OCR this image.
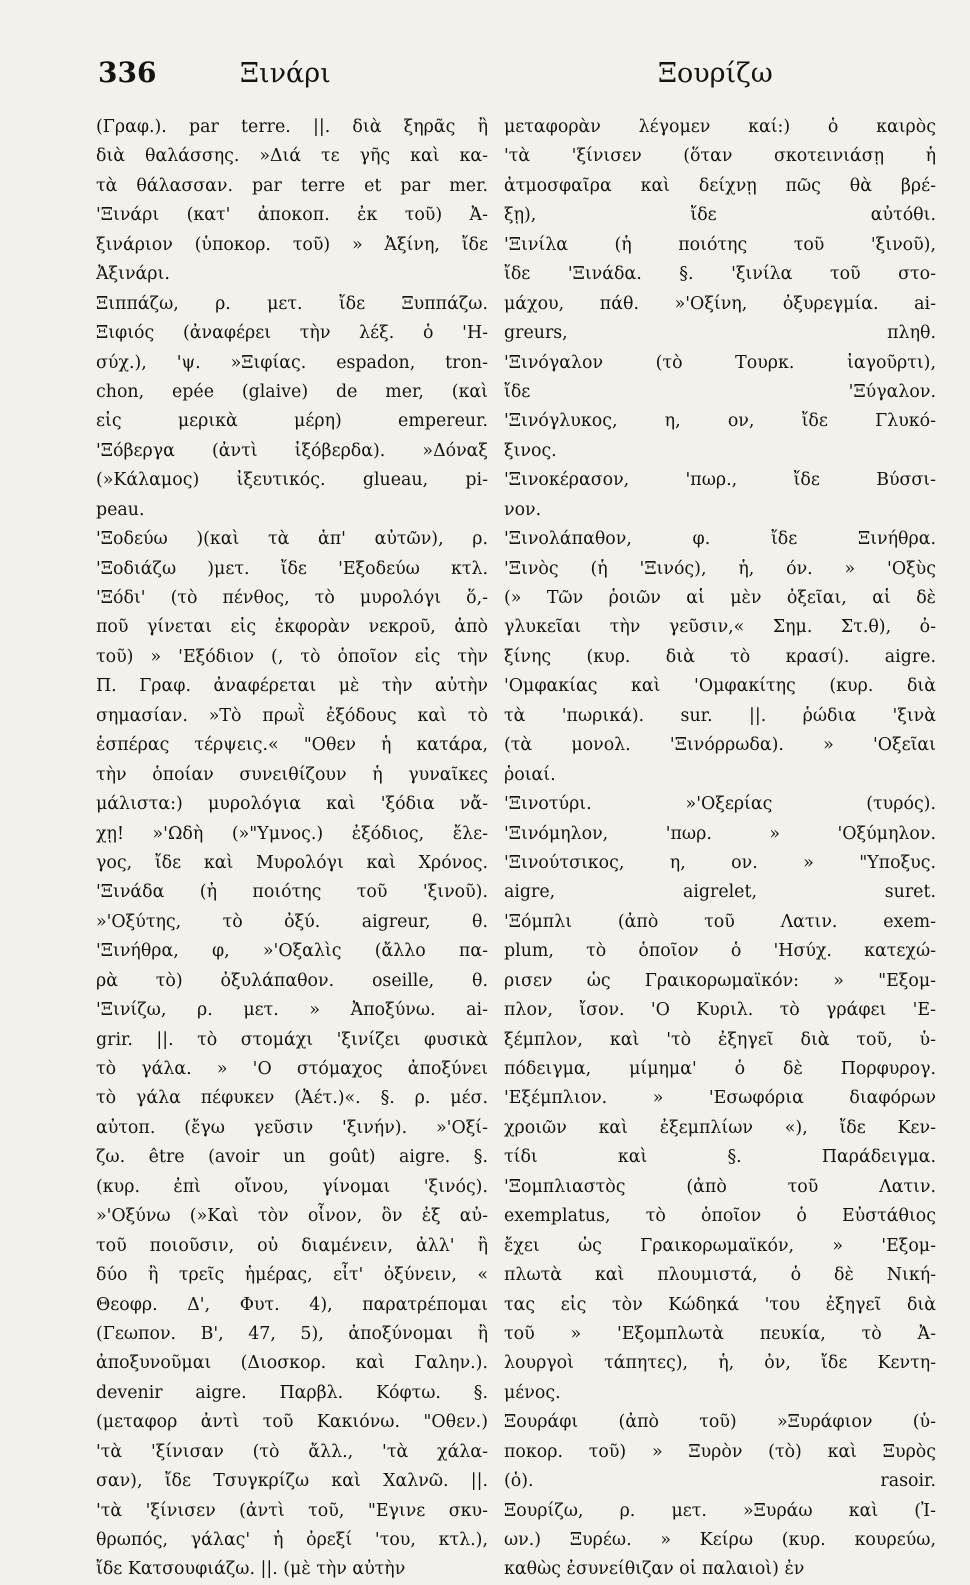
336	Ξινάρι	Ξουρίζω
(Γραφ.). par terre. ||. διὰ ξηρᾶς ἢ
διὰ θαλάσσης. »Διά τε γῆς καὶ κα-
τὰ θάλασσαν. par terre et par mer.
'Ξινάρι (κατ' ἀποκοπ. ἐκ τοῦ) Ἀ-
ξινάριον (ὑποκορ. τοῦ) » Ἀξίνη, ἴδε
Ἀξινάρι.
Ξιππάζω, ρ. μετ. ἴδε Ξυππάζω.
Ξιφιός (ἀναφέρει τὴν λέξ. ὁ 'Η-
σύχ.), 'ψ. »Ξιφίας. espadon, tron-
chon, epée (glaive) de mer, (καὶ
εἰς μερικὰ μέρη) empereur.
'Ξόβεργα (ἀντὶ ἰξόβερδα). »Δόναξ
(»Κάλαμος) ἰξευτικός. glueau, pi-
peau.
'Ξοδεύω )(καὶ τὰ ἀπ' αὐτῶν), ρ.
'Ξοδιάζω )μετ. ἴδε 'Εξοδεύω κτλ.
'Ξόδι' (τὸ πένθος, τὸ μυρολόγι ὅ,-
ποῦ γίνεται εἰς ἐκφορὰν νεκροῦ, ἀπὸ
τοῦ) » 'Εξόδιον (, τὸ ὁποῖον εἰς τὴν
Π. Γραφ. ἀναφέρεται μὲ τὴν αὐτὴν
σημασίαν. »Τὸ πρωῒ ἐξόδους καὶ τὸ
ἑσπέρας τέρψεις.« "Οθεν ἡ κατάρα,
τὴν ὁποίαν συνειθίζουν ἡ γυναῖκες
μάλιστα:) μυρολόγια καὶ 'ξόδια νἄ-
χῃ! »'Ωδὴ (»"Υμνος.) ἐξόδιος, ἔλε-
γος, ἴδε καὶ Μυρολόγι καὶ Χρόνος.
'Ξινάδα (ἡ ποιότης τοῦ 'ξινοῦ).
»'Οξύτης, τὸ ὀξύ. aigreur, θ.
'Ξινήθρα, φ, »'Οξαλὶς (ἄλλο πα-
ρὰ τὸ) ὀξυλάπαθον. oseille, θ.
'Ξινίζω, ρ. μετ. » Ἀποξύνω. ai-
grir. ||. τὸ στομάχι 'ξινίζει φυσικὰ
τὸ γάλα. » 'Ο στόμαχος ἀποξύνει
τὸ γάλα πέφυκεν (Ἀέτ.)«. §. ρ. μέσ.
αὐτοπ. (ἔγω γεῦσιν 'ξινήν). »'Οξί-
ζω. être (avoir un goût) aigre. §.
(κυρ. ἐπὶ οἴνου, γίνομαι 'ξινός).
»'Οξύνω (»Καὶ τὸν οἶνον, ὃν ἐξ αὐ-
τοῦ ποιοῦσιν, οὐ διαμένειν, ἀλλ' ἢ
δύο ἢ τρεῖς ἡμέρας, εἶτ' ὀξύνειν, «
Θεοφρ. Δ', Φυτ. 4), παρατρέπομαι
(Γεωπον. Β', 47, 5), ἀποξύνομαι ἢ
ἀποξυνοῦμαι (Διοσκορ. καὶ Γαλην.).
devenir aigre. Παρβλ. Κόφτω. §.
(μεταφορ ἀντὶ τοῦ Κακιόνω. "Οθεν.)
'τὰ 'ξίνισαν (τὸ ἄλλ., 'τὰ χάλα-
σαν), ἴδε Τσυγκρίζω καὶ Χαλνῶ. ||.
'τὰ 'ξίνισεν (ἀντὶ τοῦ, "Εγινε σκυ-
θρωπός, γάλας' ἡ ὀρεξί 'του, κτλ.),
ἴδε Κατσουφιάζω. ||. (μὲ τὴν αὐτὴν
μεταφορὰν λέγομεν καί:) ὁ καιρὸς
'τὰ 'ξίνισεν (ὅταν σκοτεινιάσῃ ἡ
ἀτμοσφαῖρα καὶ δείχνῃ πῶς θὰ βρέ-
ξῃ), ἴδε αὐτόθι.
'Ξινίλα (ἡ ποιότης τοῦ 'ξινοῦ),
ἴδε 'Ξινάδα. §. 'ξινίλα τοῦ στο-
μάχου, πάθ. »'Οξίνη, ὀξυρεγμία. ai-
greurs, πληθ.
'Ξινόγαλον (τὸ Τουρκ. ἰαγοῦρτι),
ἴδε 'Ξύγαλον.
'Ξινόγλυκος, η, ον, ἴδε Γλυκό-
ξινος.
'Ξινοκέρασον, 'πωρ., ἴδε Βύσσι-
νον.
'Ξινολάπαθον, φ. ἴδε Ξινήθρα.
'Ξινὸς (ἡ 'Ξινός), ἡ, όν. » 'Οξὺς
(» Τῶν ῥοιῶν αἱ μὲν ὀξεῖαι, αἱ δὲ
γλυκεῖαι τὴν γεῦσιν,« Σημ. Στ.θ), ὀ-
ξίνης (κυρ. διὰ τὸ κρασί). aigre.
'Ομφακίας καὶ 'Ομφακίτης (κυρ. διὰ
τὰ 'πωρικά). sur. ||. ῥώδια 'ξινὰ
(τὰ μονολ. 'Ξινόρρωδα). » 'Οξεῖαι
ῥοιαί.
'Ξινοτύρι. »'Οξερίας (τυρός).
'Ξινόμηλον, 'πωρ. » 'Οξύμηλον.
'Ξινούτσικος, η, ον. » "Υποξυς.
aigre, aigrelet, suret.
'Ξόμπλι (ἀπὸ τοῦ Λατιν. exem-
plum, τὸ ὁποῖον ὁ 'Ησύχ. κατεχώ-
ρισεν ὡς Γραικορωμαϊκόν: » "Εξομ-
πλον, ἴσον. 'Ο Κυριλ. τὸ γράφει 'Ε-
ξέμπλον, καὶ 'τὸ ἐξηγεῖ διὰ τοῦ, ὑ-
πόδειγμα, μίμημα' ὁ δὲ Πορφυρογ.
'Εξέμπλιον. » 'Εσωφόρια διαφόρων
χροιῶν καὶ ἐξεμπλίων «), ἴδε Κεν-
τίδι καὶ §. Παράδειγμα.
'Ξομπλιαστὸς (ἀπὸ τοῦ Λατιν.
exemplatus, τὸ ὁποῖον ὁ Εὐστάθιος
ἔχει ὡς Γραικορωμαϊκόν, » 'Εξομ-
πλωτὰ καὶ πλουμιστά, ὁ δὲ Νική-
τας εἰς τὸν Κώδηκά 'του ἐξηγεῖ διὰ
τοῦ » 'Εξομπλωτὰ πευκία, τὸ Ἀ-
λουργοὶ τάπητες), ἡ, ὀν, ἴδε Κεντη-
μένος.
Ξουράφι (ἀπὸ τοῦ) »Ξυράφιον (ὑ-
ποκορ. τοῦ) » Ξυρὸν (τὸ) καὶ Ξυρὸς
(ὁ). rasoir.
Ξουρίζω, ρ. μετ. »Ξυράω καὶ (Ἰ-
ων.) Ξυρέω. » Κείρω (κυρ. κουρεύω,
καθὼς ἐσυνείθιζαν οἱ παλαιοὶ) ἐν
